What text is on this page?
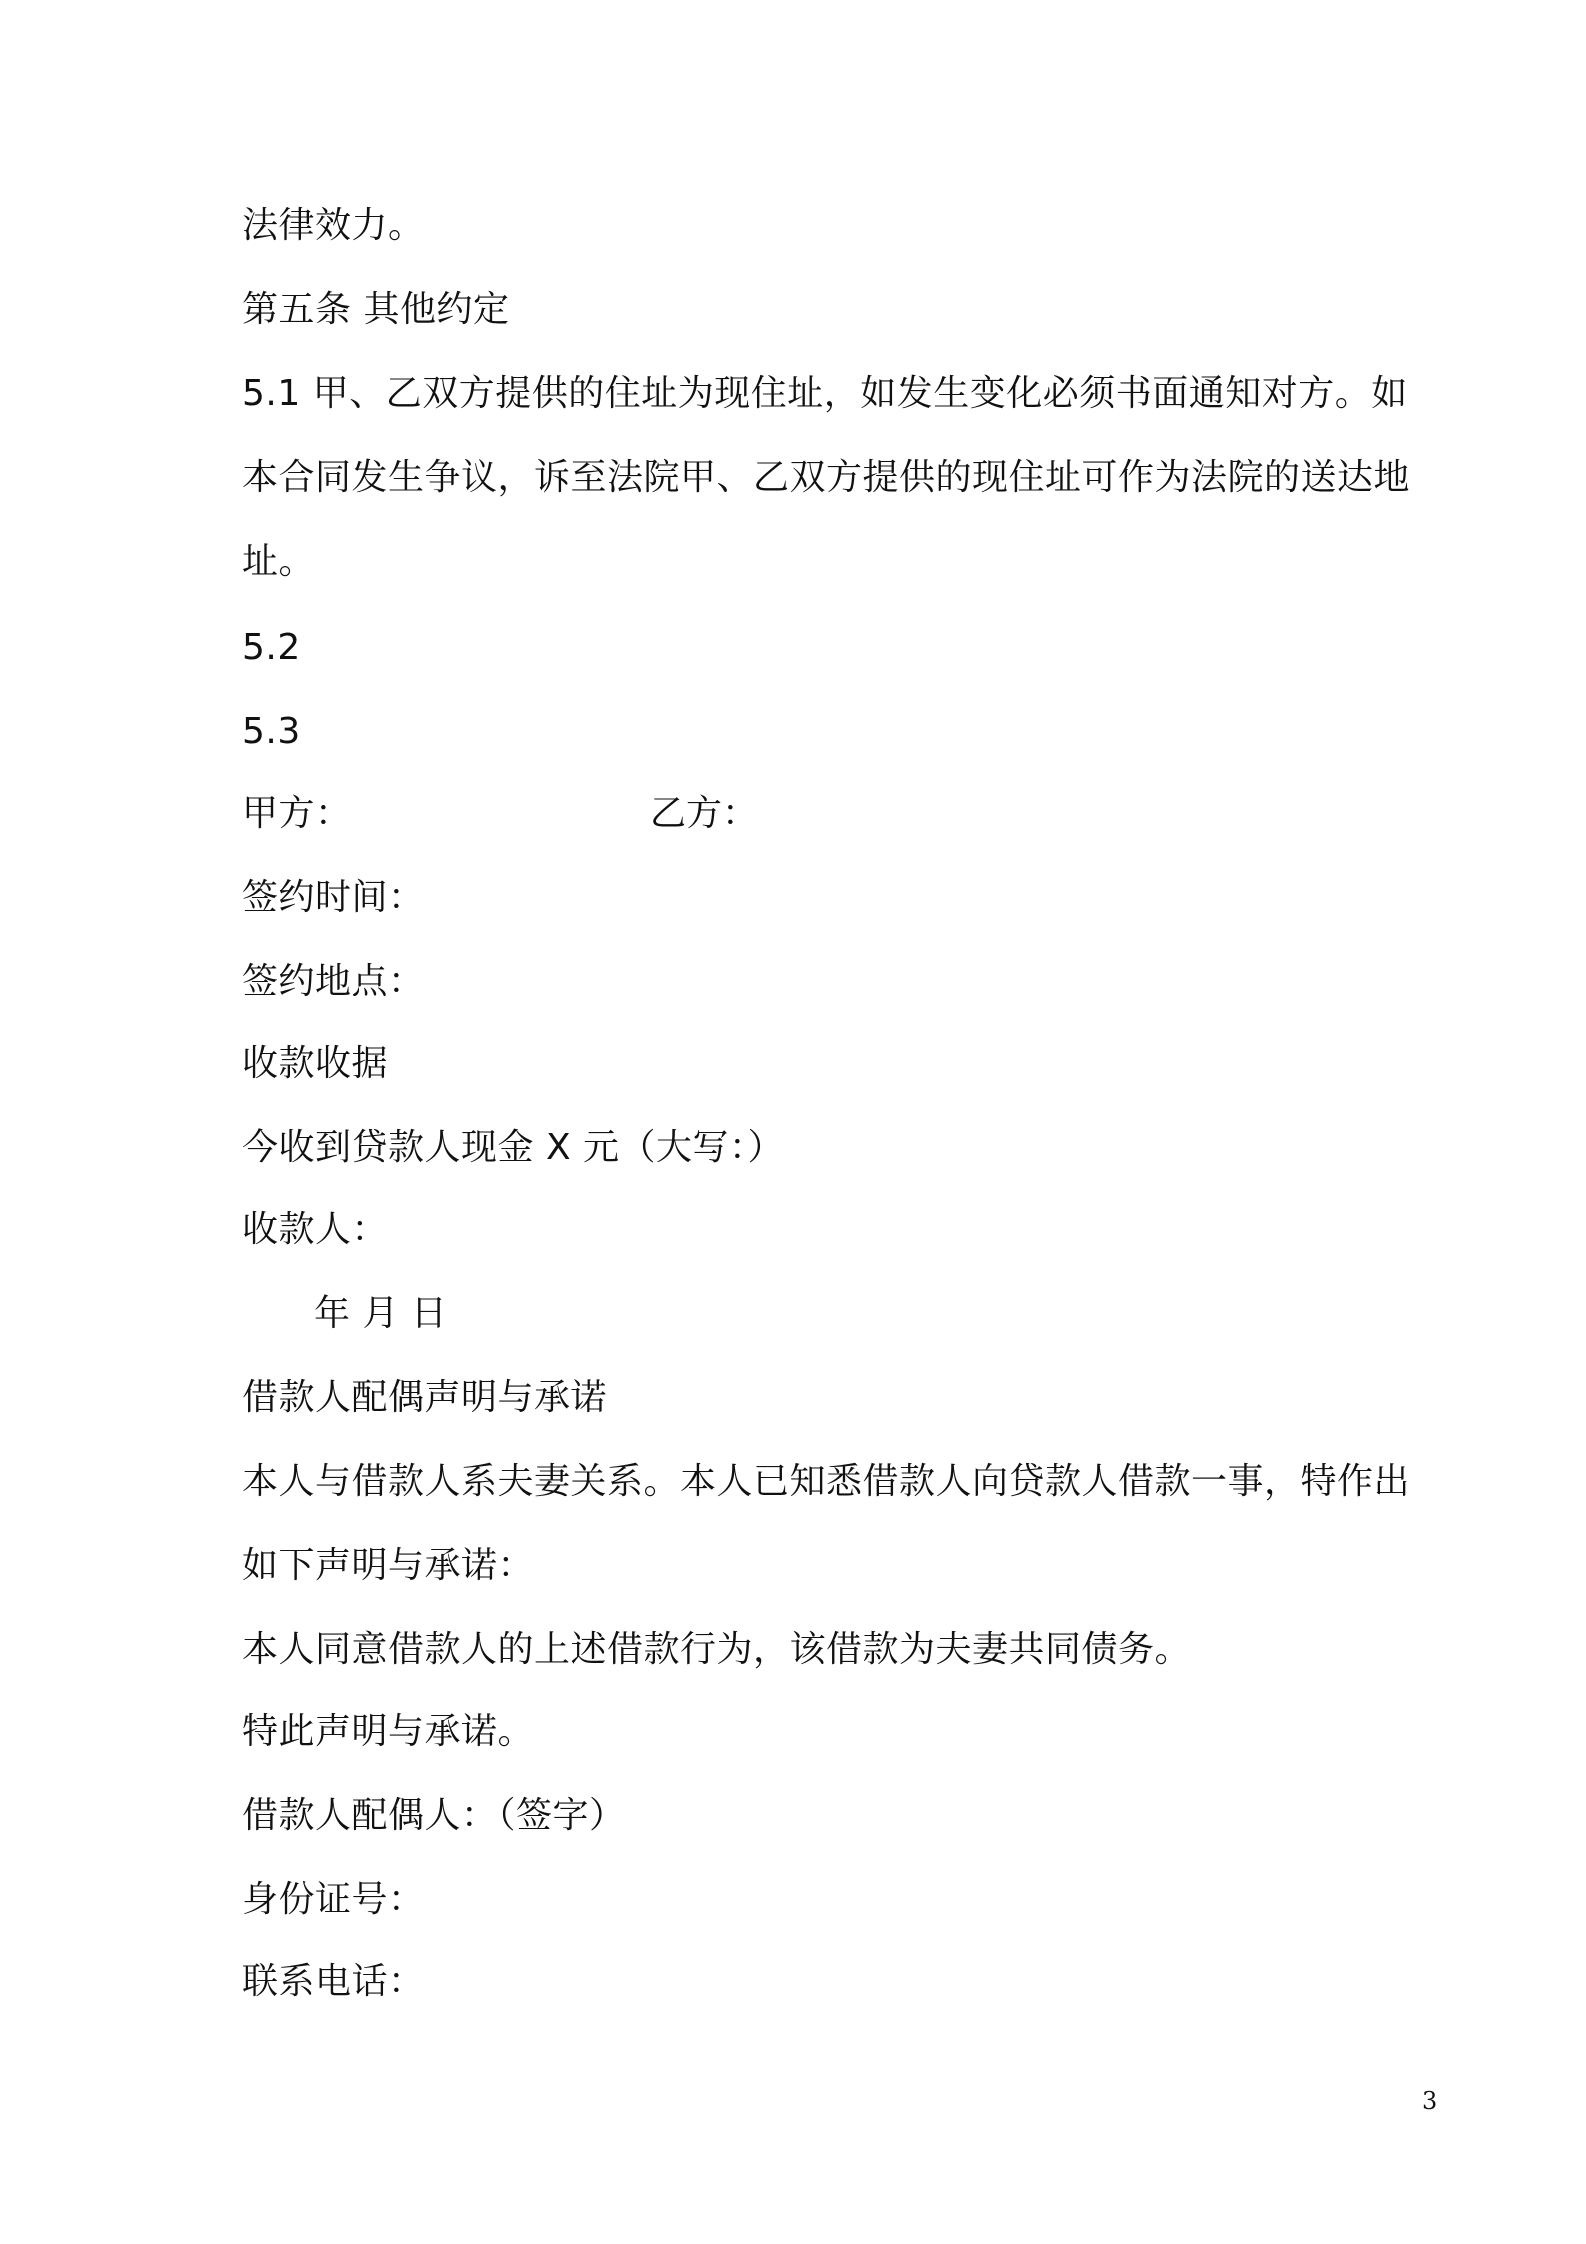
法律效力。
第五条 其他约定
5.1 甲、乙双方提供的住址为现住址，如发生变化必须书面通知对方。如
本合同发生争议，诉至法院甲、乙双方提供的现住址可作为法院的送达地
址。
5.2
5.3
甲方：	乙方：
签约时间：
签约地点：
收款收据
今收到贷款人现金 X 元（大写：）
收款人：
年 月 日
借款人配偶声明与承诺
本人与借款人系夫妻关系。本人已知悉借款人向贷款人借款一事，特作出
如下声明与承诺：
本人同意借款人的上述借款行为，该借款为夫妻共同债务。
特此声明与承诺。
借款人配偶人：（签字）
身份证号：
联系电话：
3
